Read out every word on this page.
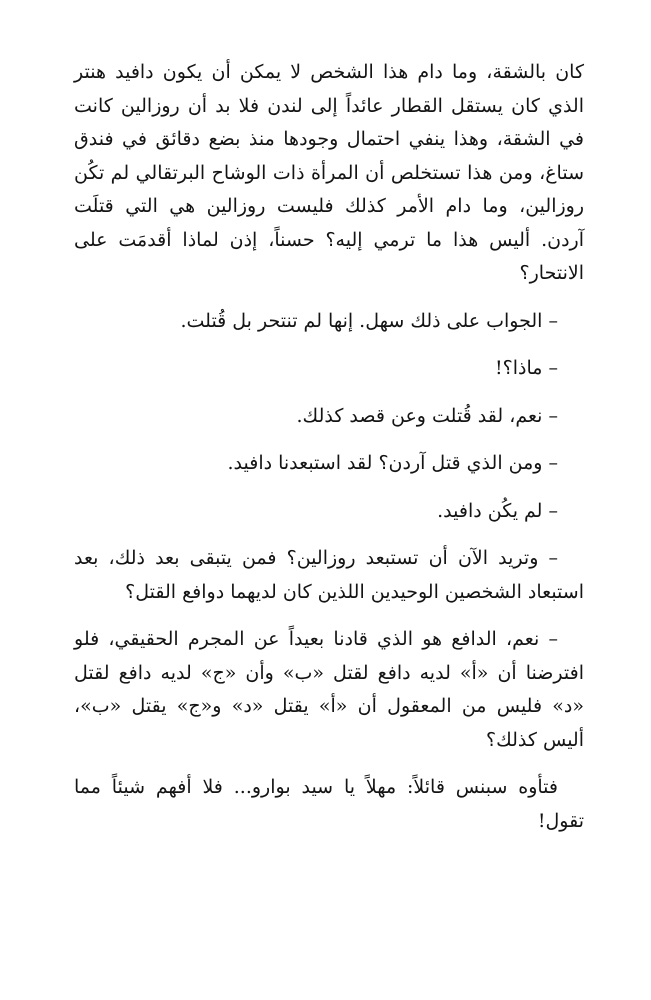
كان بالشقة، وما دام هذا الشخص لا يمكن أن يكون دافيد هنتر الذي كان يستقل القطار عائداً إلى لندن فلا بد أن روزالين كانت في الشقة، وهذا ينفي احتمال وجودها منذ بضع دقائق في فندق ستاغ، ومن هذا تستخلص أن المرأة ذات الوشاح البرتقالي لم تكُن روزالين، وما دام الأمر كذلك فليست روزالين هي التي قتلَت آردن. أليس هذا ما ترمي إليه؟ حسناً، إذن لماذا أقدمَت على الانتحار؟

– الجواب على ذلك سهل. إنها لم تنتحر بل قُتلت.

– ماذا؟!

– نعم، لقد قُتلت وعن قصد كذلك.

– ومن الذي قتل آردن؟ لقد استبعدنا دافيد.

– لم يكُن دافيد.

– وتريد الآن أن تستبعد روزالين؟ فمن يتبقى بعد ذلك، بعد استبعاد الشخصين الوحيدين اللذين كان لديهما دوافع القتل؟

– نعم، الدافع هو الذي قادنا بعيداً عن المجرم الحقيقي، فلو افترضنا أن «أ» لديه دافع لقتل «ب» وأن «ج» لديه دافع لقتل «د» فليس من المعقول أن «أ» يقتل «د» و«ج» يقتل «ب»، أليس كذلك؟

فتأوه سبنس قائلاً: مهلاً يا سيد بوارو... فلا أفهم شيئاً مما تقول!
